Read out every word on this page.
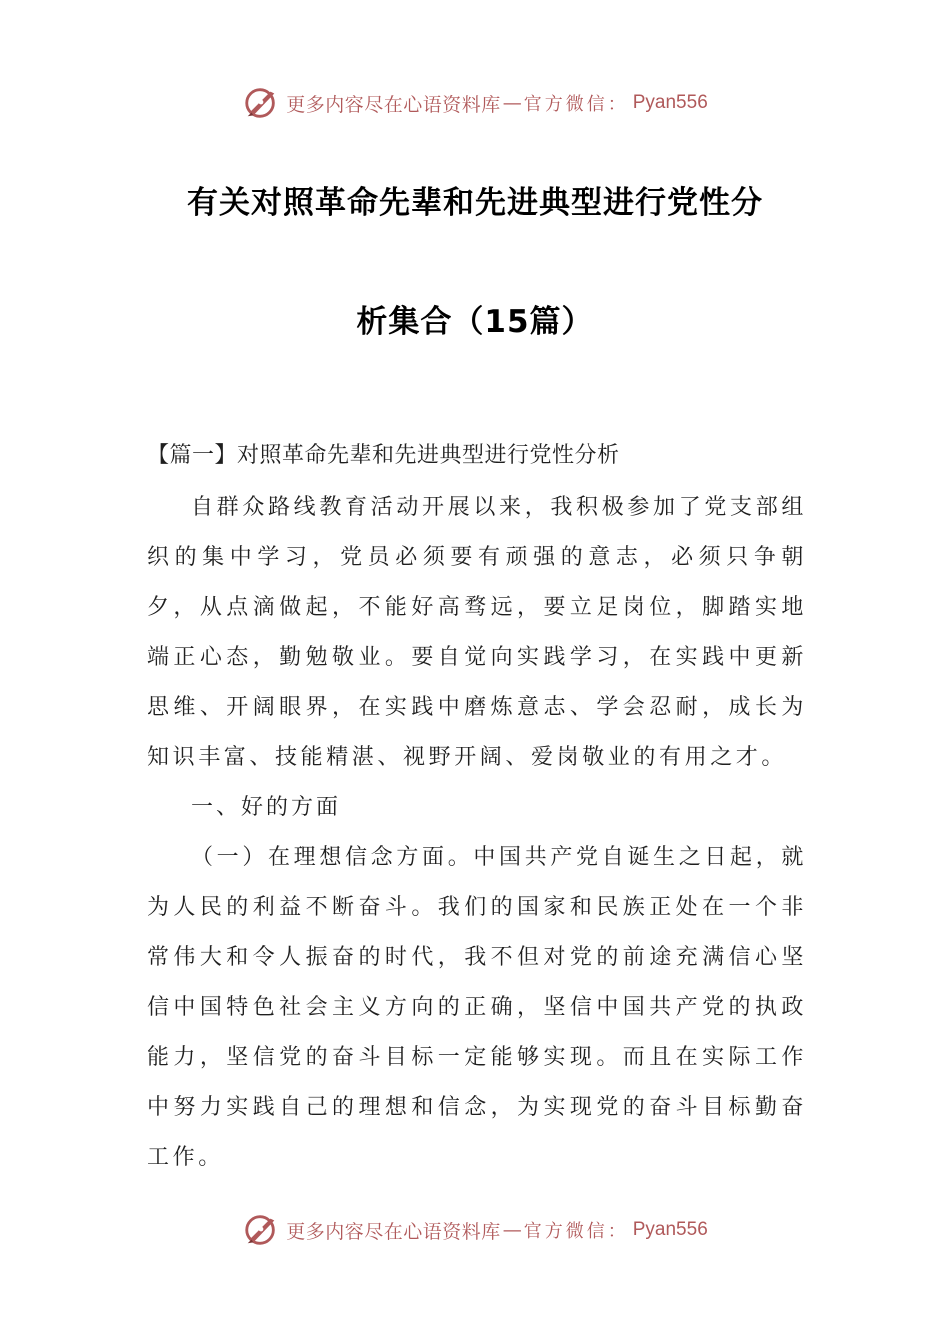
更多内容尽在心语资料库 — 官方微信： Pyan556
有关对照革命先辈和先进典型进行党性分
析集合（15篇）
【篇一】对照革命先辈和先进典型进行党性分析

自群众路线教育活动开展以来，我积极参加了党支部组织的集中学习，党员必须要有顽强的意志，必须只争朝夕，从点滴做起，不能好高骛远，要立足岗位，脚踏实地端正心态，勤勉敬业。要自觉向实践学习，在实践中更新思维、开阔眼界，在实践中磨炼意志、学会忍耐，成长为知识丰富、技能精湛、视野开阔、爱岗敬业的有用之才。

一、好的方面

（一）在理想信念方面。中国共产党自诞生之日起，就为人民的利益不断奋斗。我们的国家和民族正处在一个非常伟大和令人振奋的时代，我不但对党的前途充满信心坚信中国特色社会主义方向的正确，坚信中国共产党的执政能力，坚信党的奋斗目标一定能够实现。而且在实际工作中努力实践自己的理想和信念，为实现党的奋斗目标勤奋工作。

更多内容尽在心语资料库 — 官方微信： Pyan556
